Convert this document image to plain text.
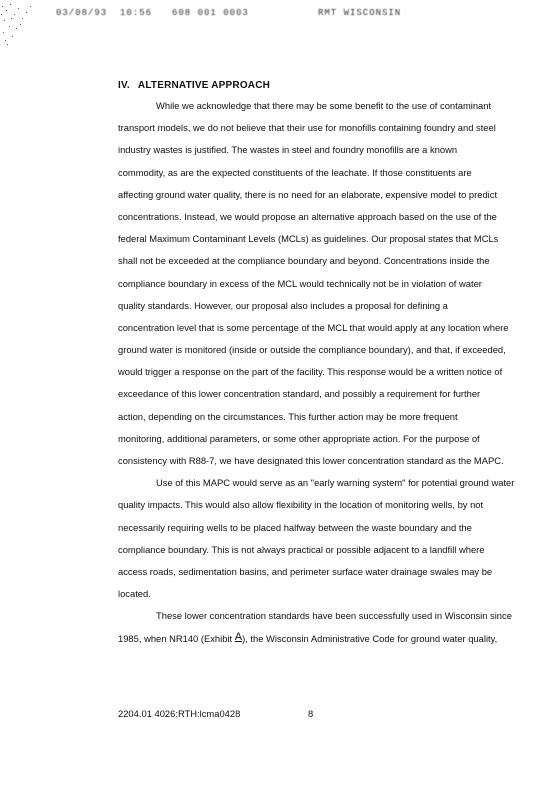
03/08/93 10:56 608 001 0003	RMT WISCONSIN
IV. ALTERNATIVE APPROACH
While we acknowledge that there may be some benefit to the use of contaminant
transport models, we do not believe that their use for monofills containing foundry and steel
industry wastes is justified. The wastes in steel and foundry monofills are a known
commodity, as are the expected constituents of the leachate. If those constituents are
affecting ground water quality, there is no need for an elaborate, expensive model to predict
concentrations. Instead, we would propose an alternative approach based on the use of the
federal Maximum Contaminant Levels (MCLs) as guidelines. Our proposal states that MCLs
shall not be exceeded at the compliance boundary and beyond. Concentrations inside the
compliance boundary in excess of the MCL would technically not be in violation of water
quality standards. However, our proposal also includes a proposal for defining a
concentration level that is some percentage of the MCL that would apply at any location where
ground water is monitored (inside or outside the compliance boundary), and that, if exceeded,
would trigger a response on the part of the facility. This response would be a written notice of
exceedance of this lower concentration standard, and possibly a requirement for further
action, depending on the circumstances. This further action may be more frequent
monitoring, additional parameters, or some other appropriate action. For the purpose of
consistency with R88-7, we have designated this lower concentration standard as the MAPC.
Use of this MAPC would serve as an "early warning system" for potential ground water
quality impacts. This would also allow flexibility in the location of monitoring wells, by not
necessarily requiring wells to be placed halfway between the waste boundary and the
compliance boundary. This is not always practical or possible adjacent to a landfill where
access roads, sedimentation basins, and perimeter surface water drainage swales may be
located.
These lower concentration standards have been successfully used in Wisconsin since
1985, when NR140 (Exhibit A), the Wisconsin Administrative Code for ground water quality,
2204.01 4026:RTH:lcma0428	8
